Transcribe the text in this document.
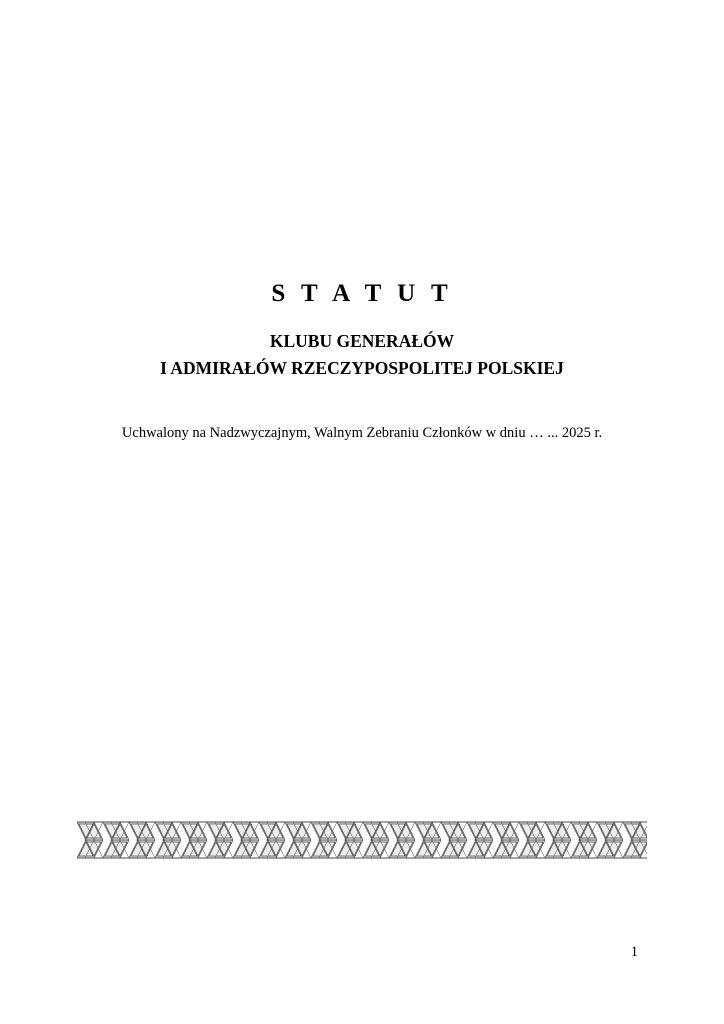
S T A T U T
KLUBU GENERAŁÓW
I ADMIRAŁÓW RZECZYPOSPOLITEJ POLSKIEJ
Uchwalony na Nadzwyczajnym, Walnym Zebraniu Członków w dniu … ... 2025 r.
1
